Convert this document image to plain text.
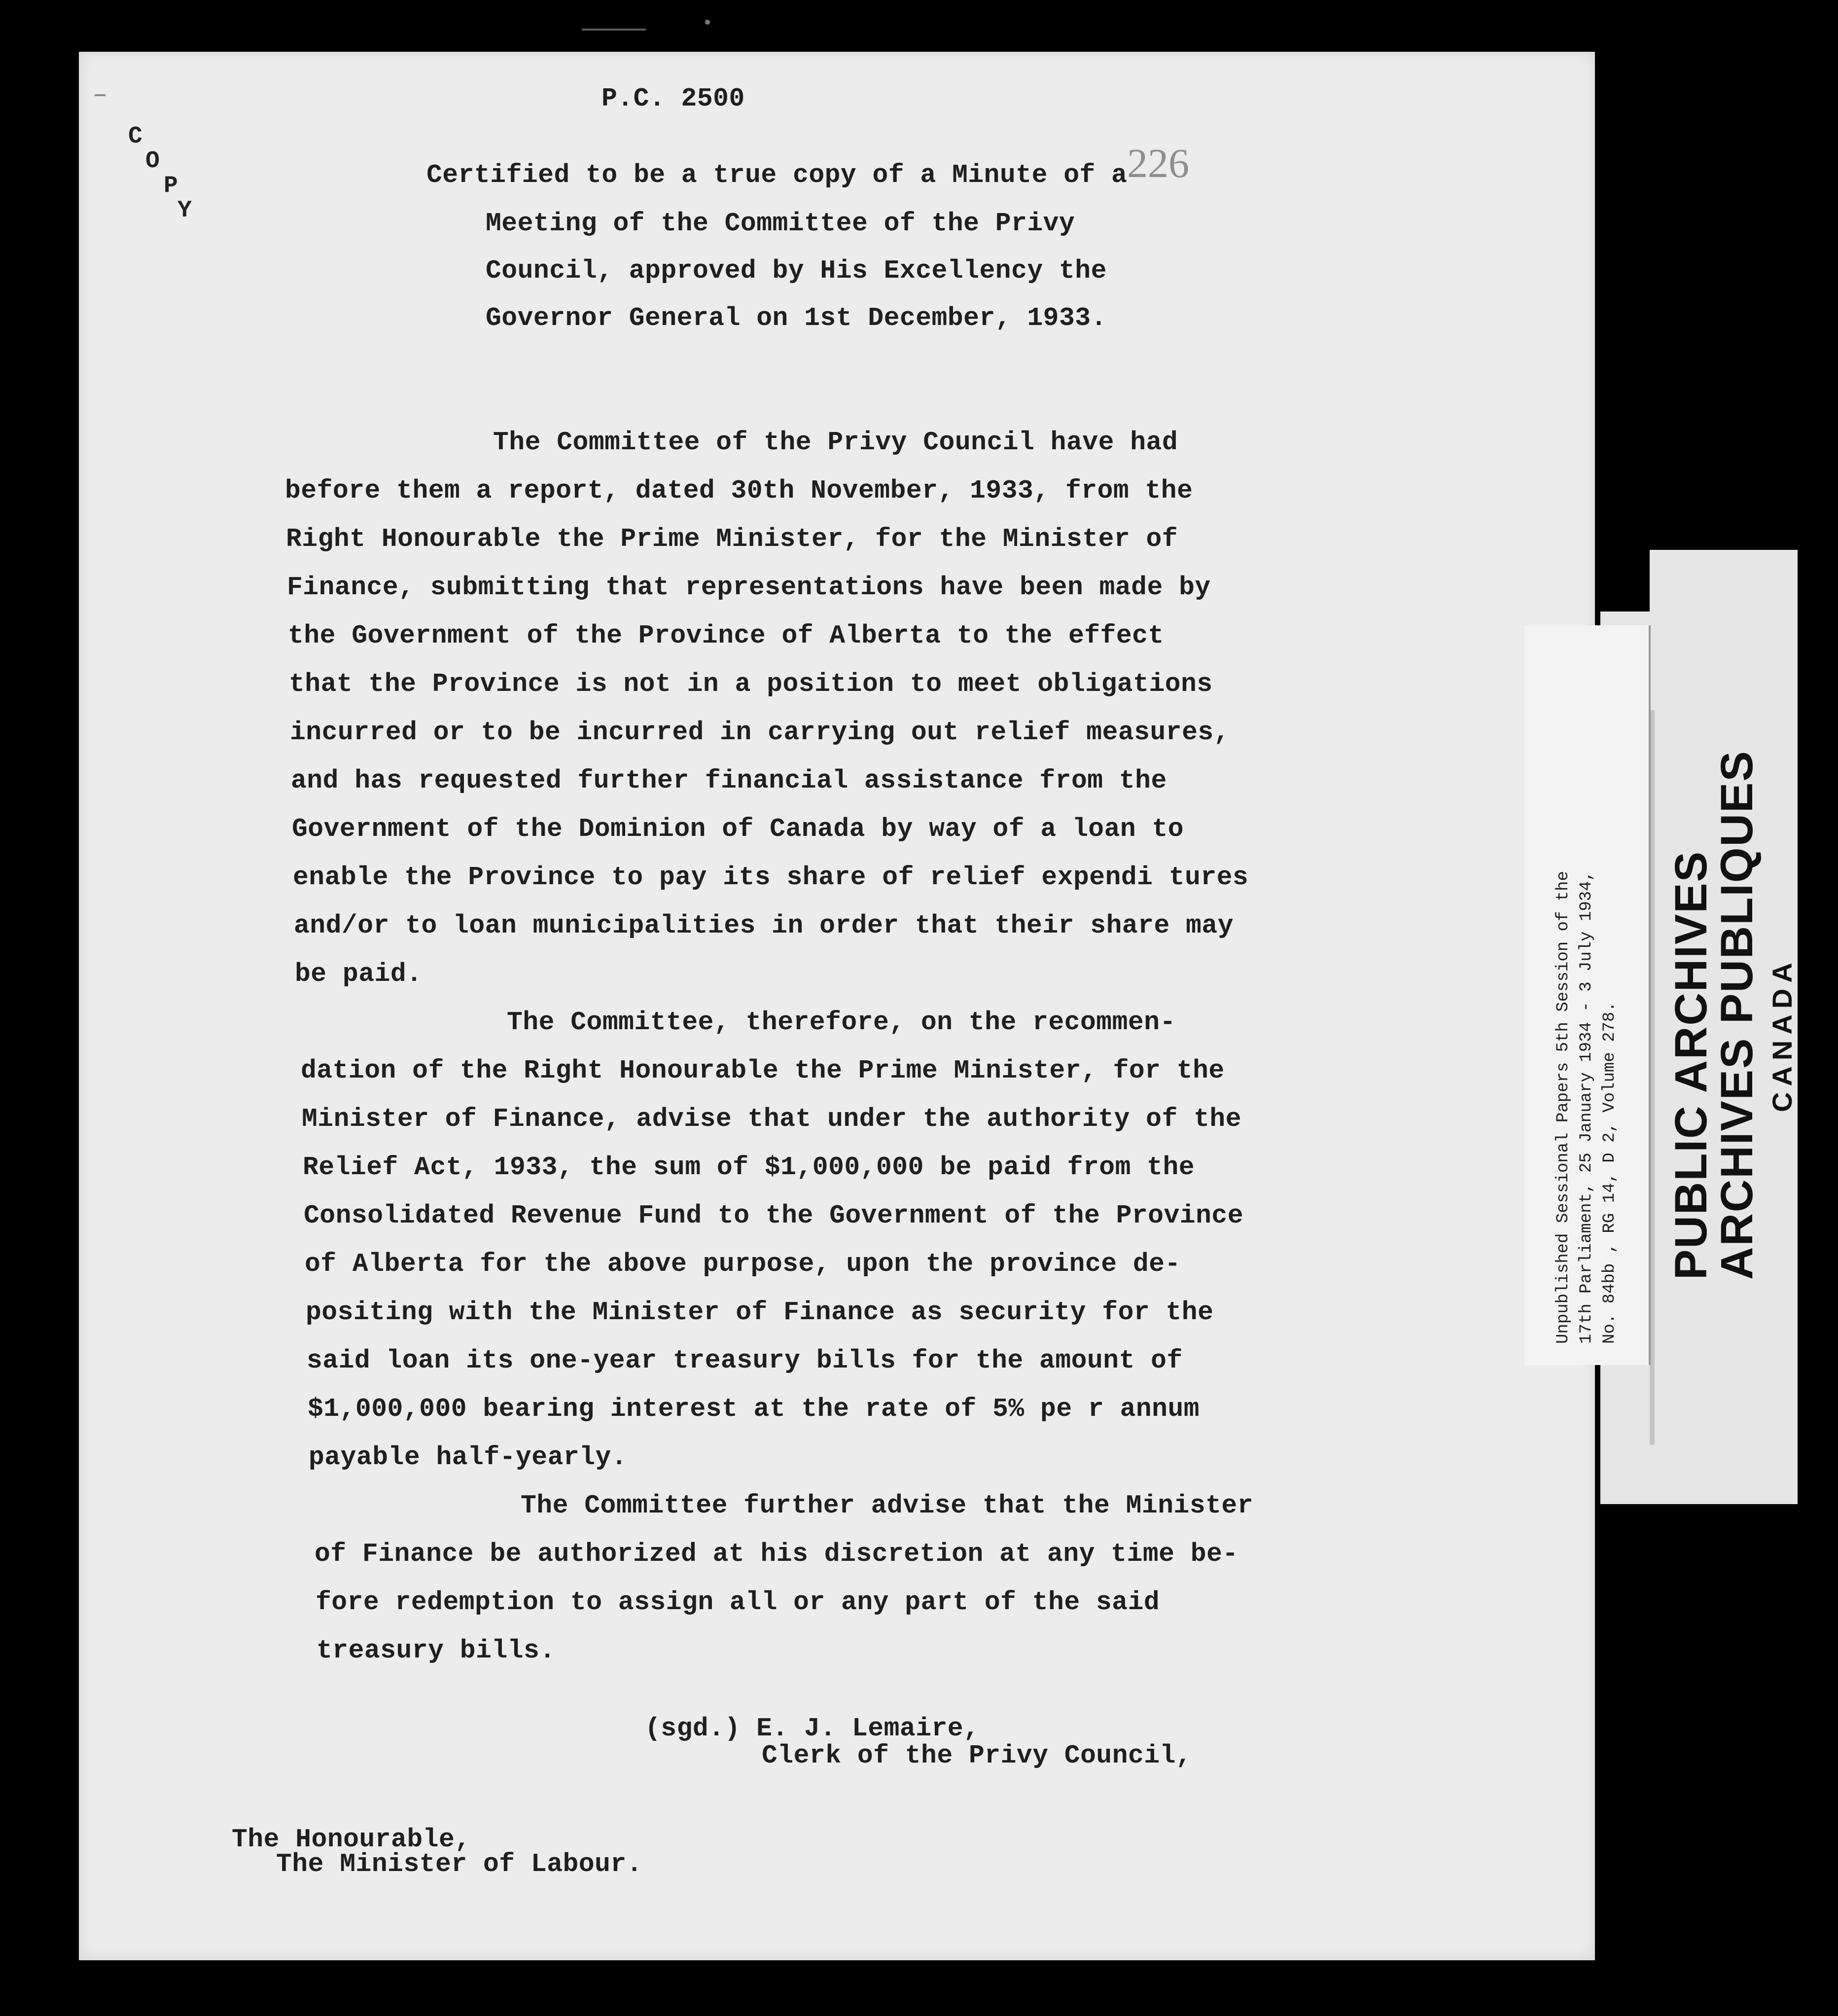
P.C. 2500
C
O
P
Y
226
Certified to be a true copy of a Minute of a
Meeting of the Committee of the Privy
Council, approved by His Excellency the
Governor General on 1st December, 1933.
The Committee of the Privy Council have had
before them a report, dated 30th November, 1933, from the
Right Honourable the Prime Minister, for the Minister of
Finance, submitting that representations have been made by
the Government of the Province of Alberta to the effect
that the Province is not in a position to meet obligations
incurred or to be incurred in carrying out relief measures,
and has requested further financial assistance from the
Government of the Dominion of Canada by way of a loan to
enable the Province to pay its share of relief expendi tures
and/or to loan municipalities in order that their share may
be paid.
The Committee, therefore, on the recommen-
dation of the Right Honourable the Prime Minister, for the
Minister of Finance, advise that under the authority of the
Relief Act, 1933, the sum of $1,000,000 be paid from the
Consolidated Revenue Fund to the Government of the Province
of Alberta for the above purpose, upon the province de-
positing with the Minister of Finance as security for the
said loan its one-year treasury bills for the amount of
$1,000,000 bearing interest at the rate of 5% pe r annum
payable half-yearly.
The Committee further advise that the Minister
of Finance be authorized at his discretion at any time be-
fore redemption to assign all or any part of the said
treasury bills.
(sgd.) E. J. Lemaire,
Clerk of the Privy Council,
The Honourable,
The Minister of Labour.
Unpublished Sessional Papers 5th Session of the 17th Parliament, 25 January 1934 - 3 July 1934, No. 84bb , RG 14, D 2, Volume 278. PUBLIC ARCHIVES
ARCHIVES PUBLIQUES CANADA
